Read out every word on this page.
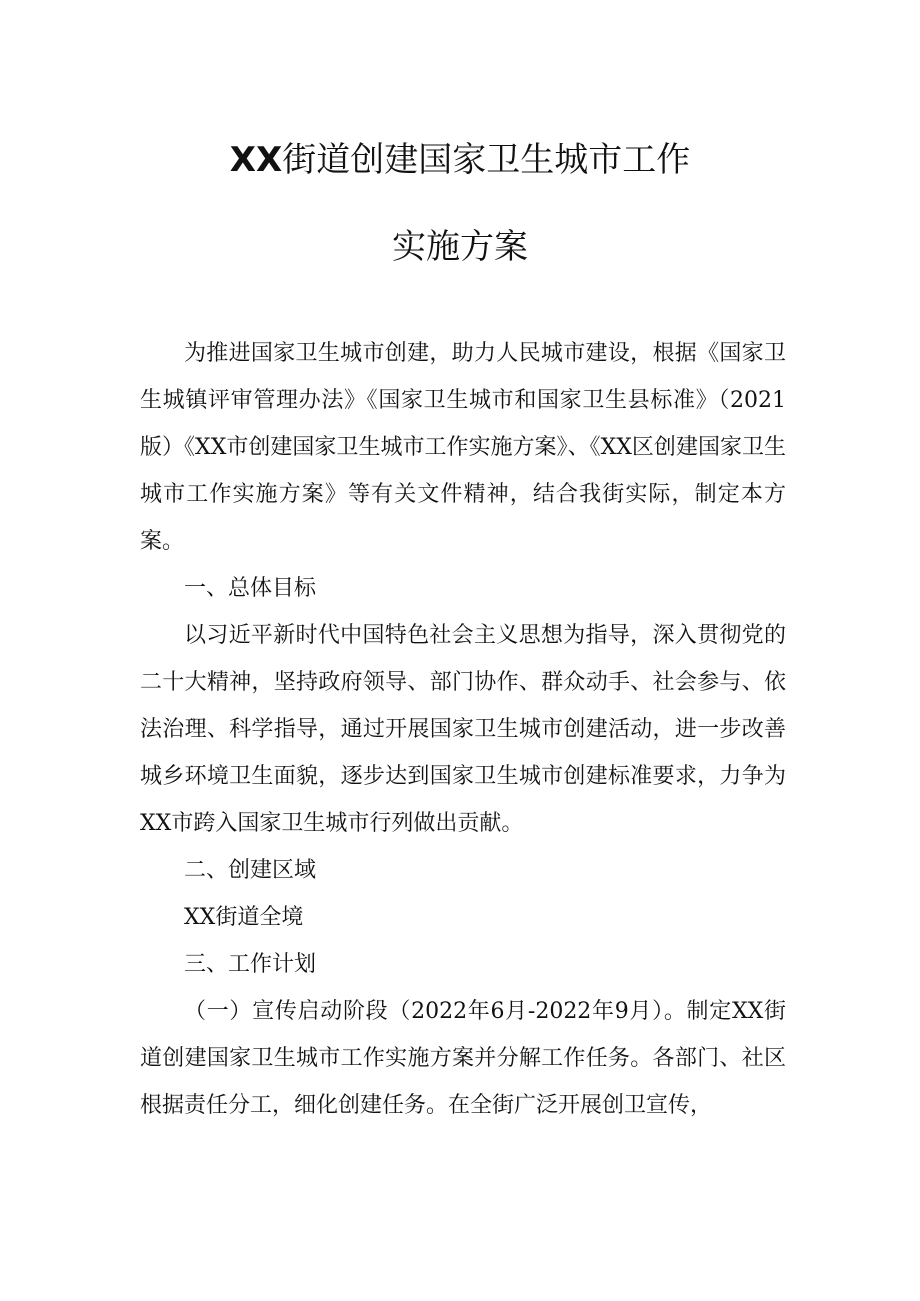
XX街道创建国家卫生城市工作
实施方案

为推进国家卫生城市创建，助力人民城市建设，根据《国家卫生城镇评审管理办法》《国家卫生城市和国家卫生县标准》（2021版）《XX市创建国家卫生城市工作实施方案》、《XX区创建国家卫生城市工作实施方案》等有关文件精神，结合我街实际，制定本方案。

一、总体目标

以习近平新时代中国特色社会主义思想为指导，深入贯彻党的二十大精神，坚持政府领导、部门协作、群众动手、社会参与、依法治理、科学指导，通过开展国家卫生城市创建活动，进一步改善城乡环境卫生面貌，逐步达到国家卫生城市创建标准要求，力争为XX市跨入国家卫生城市行列做出贡献。

二、创建区域

XX街道全境

三、工作计划

（一）宣传启动阶段（2022年6月-2022年9月）。制定XX街道创建国家卫生城市工作实施方案并分解工作任务。各部门、社区根据责任分工，细化创建任务。在全街广泛开展创卫宣传，
